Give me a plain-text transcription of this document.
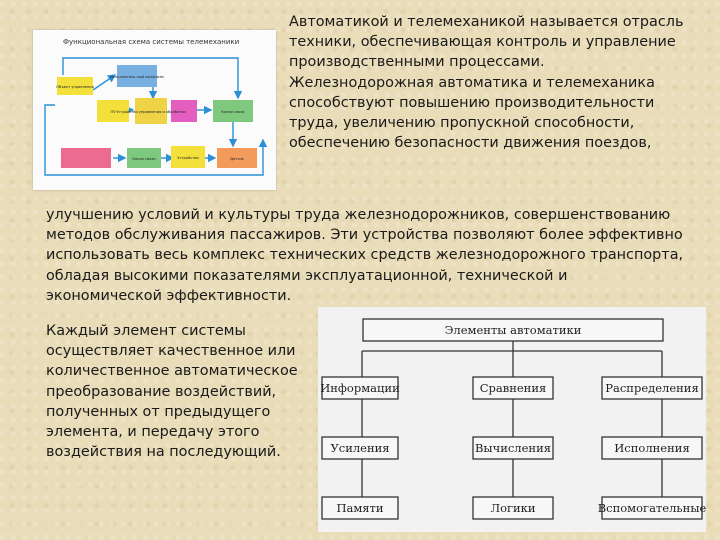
Автоматикой и телемеханикой называется отрасль
техники, обеспечивающая контроль и управление
производственными процессами.
Железнодорожная автоматика и телемеханика
способствуют повышению производительности
труда, увеличению пропускной способности,
обеспечению безопасности движения поездов,
Функциональная схема системы телемеханики
Объект управления
Исполнитель-ный механизм
ПУ Устройство управления и обработки	Канал связи
Канал связи	Устройство	Датчик
улучшению условий и культуры труда железнодорожников, совершенствованию
методов обслуживания пассажиров. Эти устройства позволяют более эффективно
использовать весь комплекс технических средств железнодорожного транспорта,
обладая высокими показателями эксплуатационной, технической и
экономической эффективности.
Каждый элемент системы
осуществляет качественное или
количественное автоматическое
преобразование воздействий,
полученных от предыдущего
элемента, и передачу этого
воздействия на последующий.
Элементы автоматики
Информации
Усиления
Памяти
Сравнения
Вычисления
Логики
Распределения
Исполнения
Вспомогательные
